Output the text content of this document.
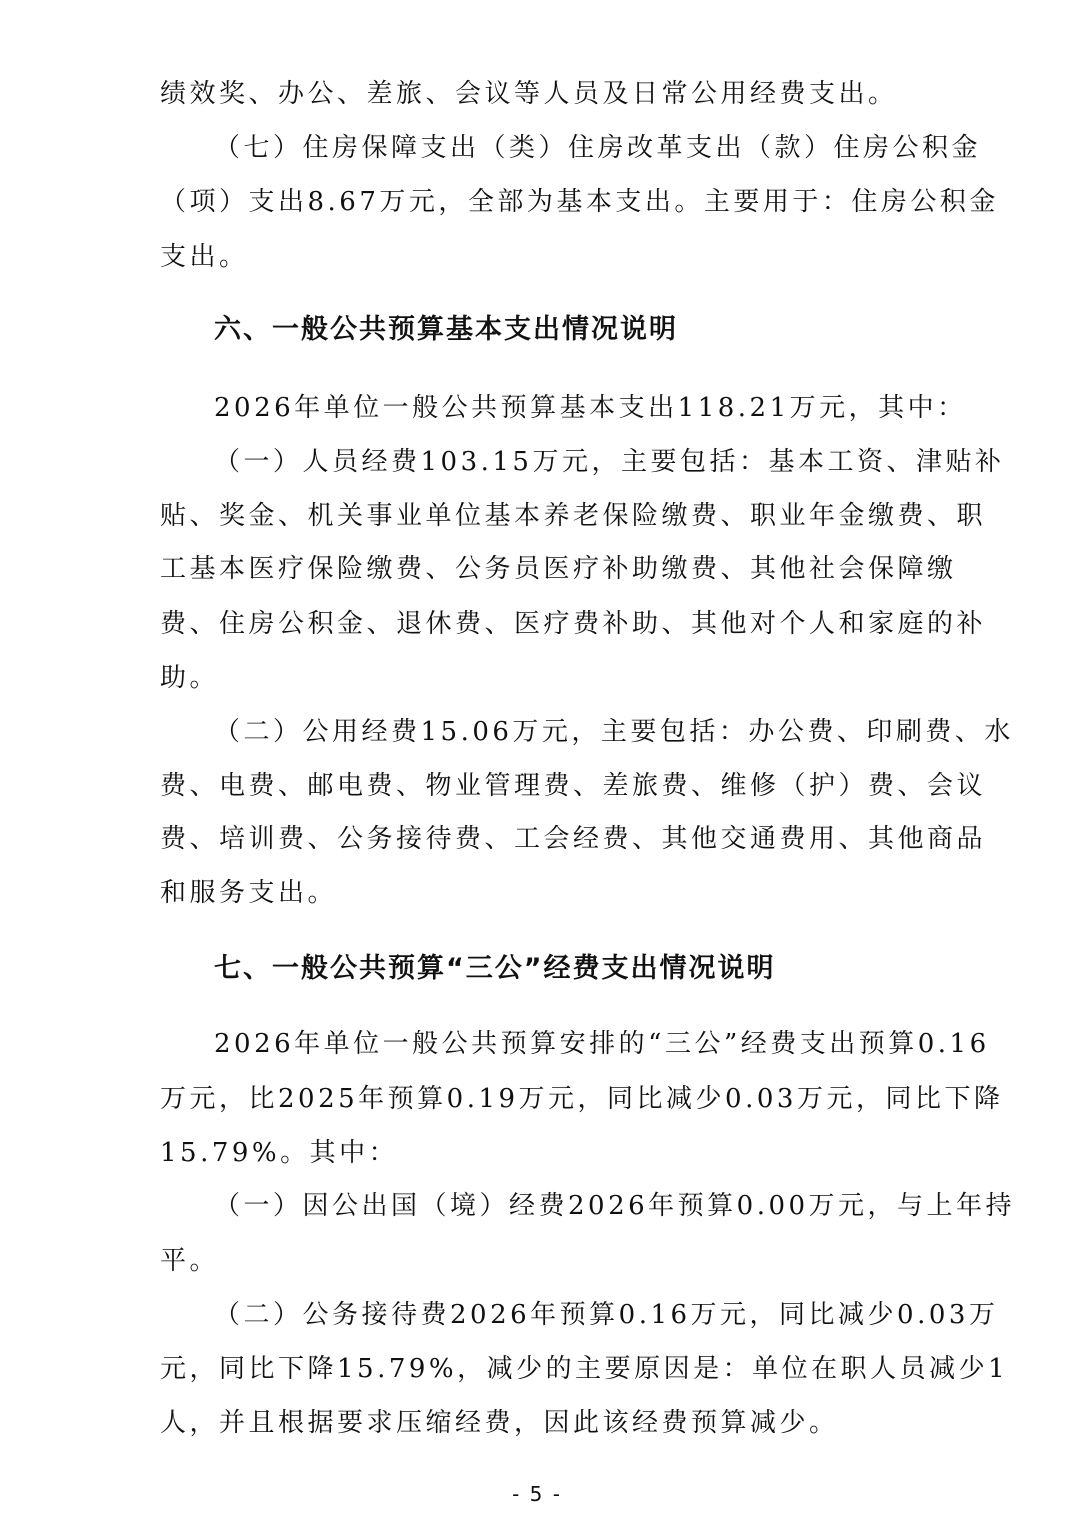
绩效奖、办公、差旅、会议等人员及日常公用经费支出。
（七）住房保障支出（类）住房改革支出（款）住房公积金
（项）支出8.67万元，全部为基本支出。主要用于：住房公积金
支出。
六、一般公共预算基本支出情况说明
2026年单位一般公共预算基本支出118.21万元，其中：
（一）人员经费103.15万元，主要包括：基本工资、津贴补
贴、奖金、机关事业单位基本养老保险缴费、职业年金缴费、职
工基本医疗保险缴费、公务员医疗补助缴费、其他社会保障缴
费、住房公积金、退休费、医疗费补助、其他对个人和家庭的补
助。
（二）公用经费15.06万元，主要包括：办公费、印刷费、水
费、电费、邮电费、物业管理费、差旅费、维修（护）费、会议
费、培训费、公务接待费、工会经费、其他交通费用、其他商品
和服务支出。
七、一般公共预算“三公”经费支出情况说明
2026年单位一般公共预算安排的“三公”经费支出预算0.16
万元，比2025年预算0.19万元，同比减少0.03万元，同比下降
15.79%。其中：
（一）因公出国（境）经费2026年预算0.00万元，与上年持
平。
（二）公务接待费2026年预算0.16万元，同比减少0.03万
元，同比下降15.79%，减少的主要原因是：单位在职人员减少1
人，并且根据要求压缩经费，因此该经费预算减少。
- 5 -
